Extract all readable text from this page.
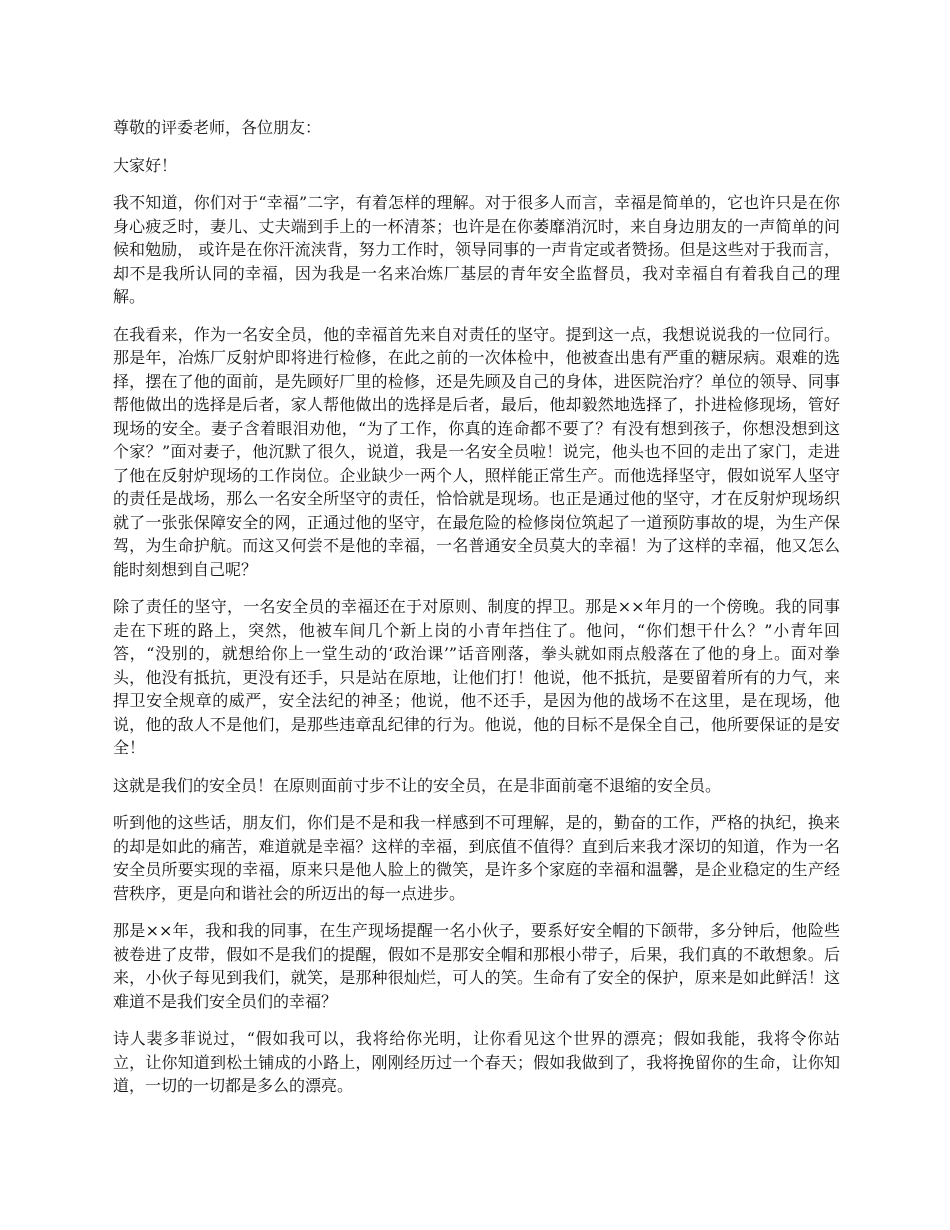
尊敬的评委老师，各位朋友：

大家好！

我不知道，你们对于“幸福”二字，有着怎样的理解。对于很多人而言，幸福是简单的，它也许只是在你身心疲乏时，妻儿、丈夫端到手上的一杯清茶；也许是在你萎靡消沉时，来自身边朋友的一声简单的问候和勉励， 或许是在你汗流浃背，努力工作时，领导同事的一声肯定或者赞扬。但是这些对于我而言，却不是我所认同的幸福，因为我是一名来冶炼厂基层的青年安全监督员，我对幸福自有着我自己的理解。

在我看来，作为一名安全员，他的幸福首先来自对责任的坚守。提到这一点，我想说说我的一位同行。那是年，冶炼厂反射炉即将进行检修，在此之前的一次体检中，他被查出患有严重的糖尿病。艰难的选择，摆在了他的面前，是先顾好厂里的检修，还是先顾及自己的身体，进医院治疗？单位的领导、同事帮他做出的选择是后者，家人帮他做出的选择是后者，最后，他却毅然地选择了，扑进检修现场，管好现场的安全。妻子含着眼泪劝他，“为了工作，你真的连命都不要了？有没有想到孩子，你想没想到这个家？”面对妻子，他沉默了很久，说道，我是一名安全员啦！说完，他头也不回的走出了家门，走进了他在反射炉现场的工作岗位。企业缺少一两个人，照样能正常生产。而他选择坚守，假如说军人坚守的责任是战场，那么一名安全所坚守的责任，恰恰就是现场。也正是通过他的坚守，才在反射炉现场织就了一张张保障安全的网，正通过他的坚守，在最危险的检修岗位筑起了一道预防事故的堤，为生产保驾，为生命护航。而这又何尝不是他的幸福，一名普通安全员莫大的幸福！为了这样的幸福，他又怎么能时刻想到自己呢？

除了责任的坚守，一名安全员的幸福还在于对原则、制度的捍卫。那是××年月的一个傍晚。我的同事走在下班的路上，突然，他被车间几个新上岗的小青年挡住了。他问，“你们想干什么？”小青年回答，“没别的，就想给你上一堂生动的‘政治课’”话音刚落，拳头就如雨点般落在了他的身上。面对拳头，他没有抵抗，更没有还手，只是站在原地，让他们打！他说，他不抵抗，是要留着所有的力气，来捍卫安全规章的威严，安全法纪的神圣；他说，他不还手，是因为他的战场不在这里，是在现场，他说，他的敌人不是他们，是那些违章乱纪律的行为。他说，他的目标不是保全自己，他所要保证的是安全！

这就是我们的安全员！在原则面前寸步不让的安全员，在是非面前毫不退缩的安全员。

听到他的这些话，朋友们，你们是不是和我一样感到不可理解，是的，勤奋的工作，严格的执纪，换来的却是如此的痛苦，难道就是幸福？这样的幸福，到底值不值得？直到后来我才深切的知道，作为一名安全员所要实现的幸福，原来只是他人脸上的微笑，是许多个家庭的幸福和温馨，是企业稳定的生产经营秩序，更是向和谐社会的所迈出的每一点进步。

那是××年，我和我的同事，在生产现场提醒一名小伙子，要系好安全帽的下颌带，多分钟后，他险些被卷进了皮带，假如不是我们的提醒，假如不是那安全帽和那根小带子，后果，我们真的不敢想象。后来，小伙子每见到我们，就笑，是那种很灿烂，可人的笑。生命有了安全的保护，原来是如此鲜活！这难道不是我们安全员们的幸福？

诗人裴多菲说过，“假如我可以，我将给你光明，让你看见这个世界的漂亮；假如我能，我将令你站立，让你知道到松土铺成的小路上，刚刚经历过一个春天；假如我做到了，我将挽留你的生命，让你知道，一切的一切都是多么的漂亮。
